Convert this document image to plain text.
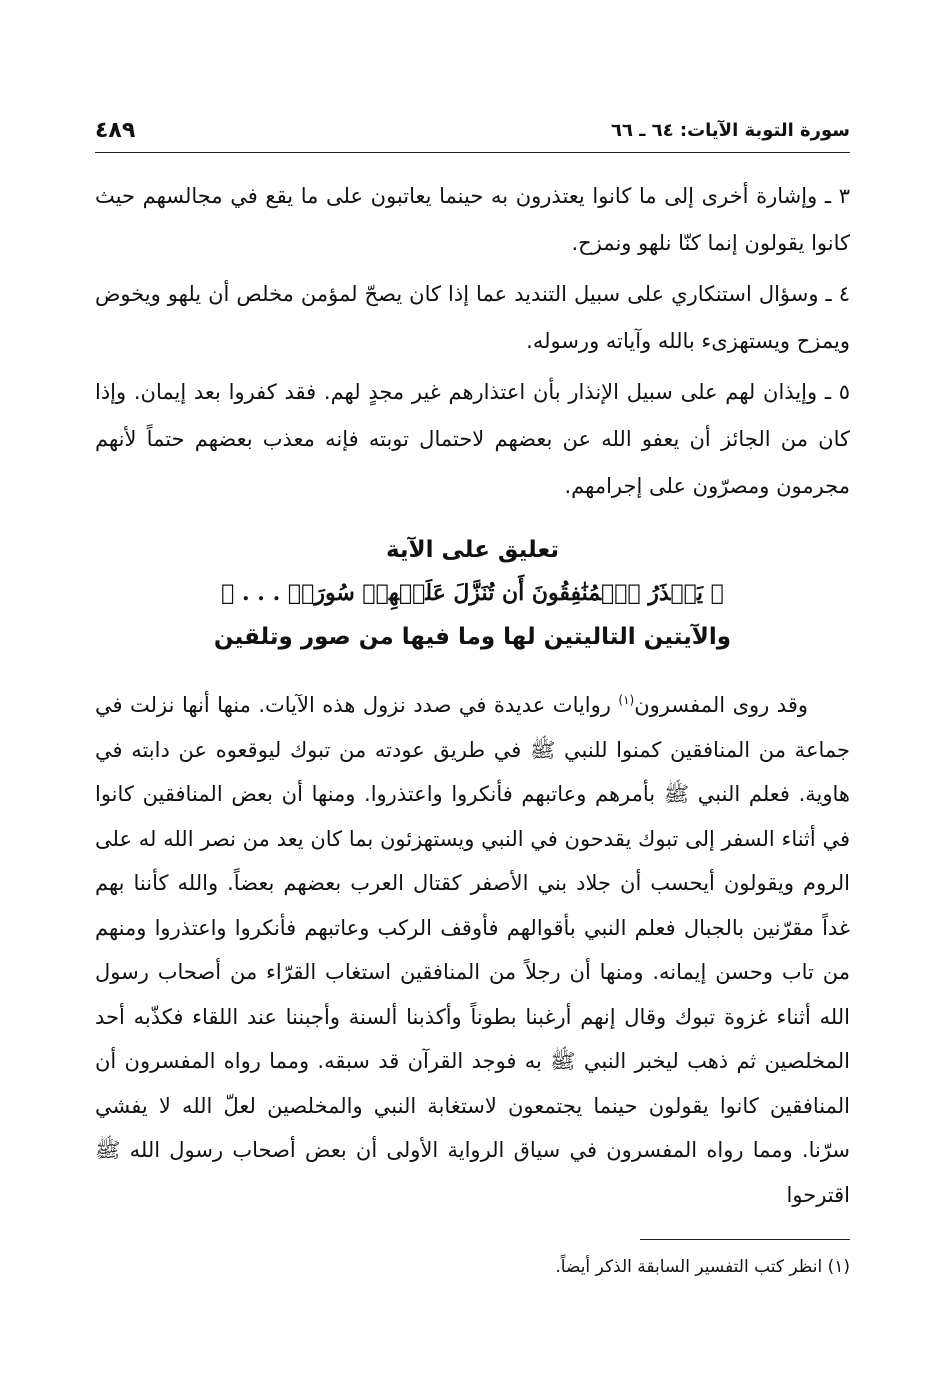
سورة التوبة الآيات: ٦٤ ـ ٦٦
٤٨٩

٣ ـ وإشارة أخرى إلى ما كانوا يعتذرون به حينما يعاتبون على ما يقع في مجالسهم حيث كانوا يقولون إنما كنّا نلهو ونمزح.

٤ ـ وسؤال استنكاري على سبيل التنديد عما إذا كان يصحّ لمؤمن مخلص أن يلهو ويخوض ويمزح ويستهزىء بالله وآياته ورسوله.

٥ ـ وإيذان لهم على سبيل الإنذار بأن اعتذارهم غير مجدٍ لهم. فقد كفروا بعد إيمان. وإذا كان من الجائز أن يعفو الله عن بعضهم لاحتمال توبته فإنه معذب بعضهم حتماً لأنهم مجرمون ومصرّون على إجرامهم.

تعليق على الآية
﴿ يَحۡذَرُ ٱلۡمُنَٰفِقُونَ أَن تُنَزَّلَ عَلَيۡهِمۡ سُورَةٞ . . . ﴾
والآيتين التاليتين لها وما فيها من صور وتلقين

وقد روى المفسرون$^{(١)}$ روايات عديدة في صدد نزول هذه الآيات. منها أنها نزلت في جماعة من المنافقين كمنوا للنبي ﷺ في طريق عودته من تبوك ليوقعوه عن دابته في هاوية. فعلم النبي ﷺ بأمرهم وعاتبهم فأنكروا واعتذروا. ومنها أن بعض المنافقين كانوا في أثناء السفر إلى تبوك يقدحون في النبي ويستهزئون بما كان يعد من نصر الله له على الروم ويقولون أيحسب أن جلاد بني الأصفر كقتال العرب بعضهم بعضاً. والله كأننا بهم غداً مقرّنين بالجبال فعلم النبي بأقوالهم فأوقف الركب وعاتبهم فأنكروا واعتذروا ومنهم من تاب وحسن إيمانه. ومنها أن رجلاً من المنافقين استغاب القرّاء من أصحاب رسول الله أثناء غزوة تبوك وقال إنهم أرغبنا بطوناً وأكذبنا ألسنة وأجبننا عند اللقاء فكذّبه أحد المخلصين ثم ذهب ليخبر النبي ﷺ به فوجد القرآن قد سبقه. ومما رواه المفسرون أن المنافقين كانوا يقولون حينما يجتمعون لاستغابة النبي والمخلصين لعلّ الله لا يفشي سرّنا. ومما رواه المفسرون في سياق الرواية الأولى أن بعض أصحاب رسول الله ﷺ اقترحوا

(١) انظر كتب التفسير السابقة الذكر أيضاً.
